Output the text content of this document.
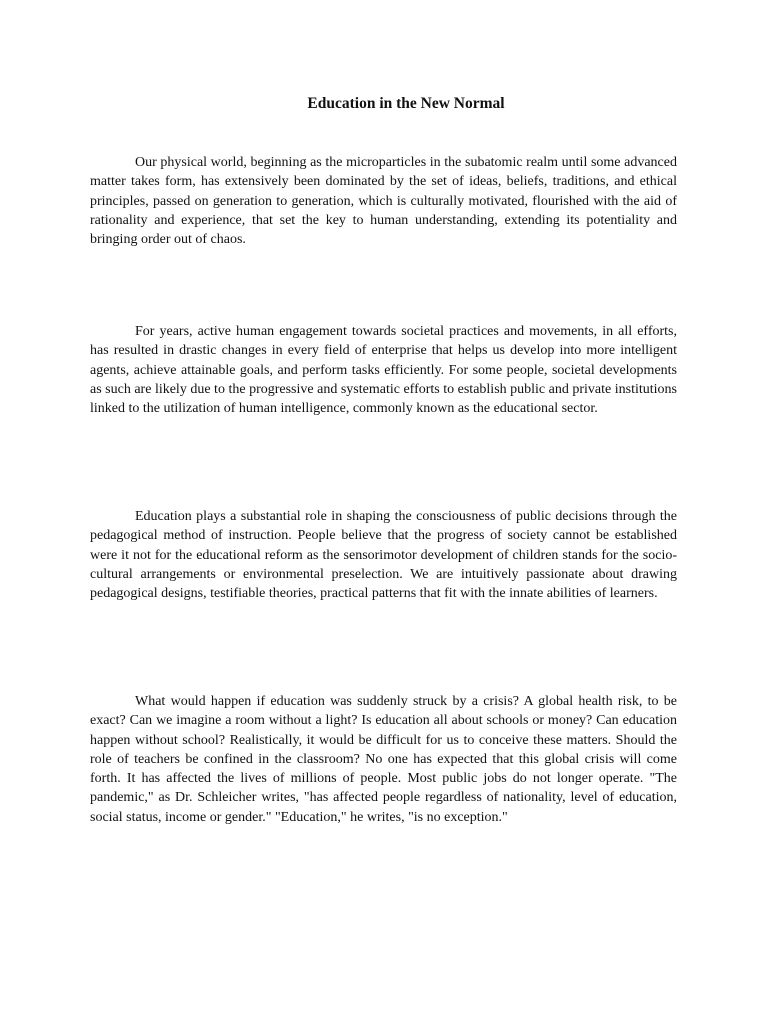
Education in the New Normal

Our physical world, beginning as the microparticles in the subatomic realm until some advanced matter takes form, has extensively been dominated by the set of ideas, beliefs, traditions, and ethical principles, passed on generation to generation, which is culturally motivated, flourished with the aid of rationality and experience, that set the key to human understanding, extending its potentiality and bringing order out of chaos.

For years, active human engagement towards societal practices and movements, in all efforts, has resulted in drastic changes in every field of enterprise that helps us develop into more intelligent agents, achieve attainable goals, and perform tasks efficiently. For some people, societal developments as such are likely due to the progressive and systematic efforts to establish public and private institutions linked to the utilization of human intelligence, commonly known as the educational sector.

Education plays a substantial role in shaping the consciousness of public decisions through the pedagogical method of instruction. People believe that the progress of society cannot be established were it not for the educational reform as the sensorimotor development of children stands for the socio-cultural arrangements or environmental preselection. We are intuitively passionate about drawing pedagogical designs, testifiable theories, practical patterns that fit with the innate abilities of learners.

What would happen if education was suddenly struck by a crisis? A global health risk, to be exact? Can we imagine a room without a light? Is education all about schools or money? Can education happen without school? Realistically, it would be difficult for us to conceive these matters. Should the role of teachers be confined in the classroom? No one has expected that this global crisis will come forth. It has affected the lives of millions of people. Most public jobs do not longer operate. "The pandemic," as Dr. Schleicher writes, "has affected people regardless of nationality, level of education, social status, income or gender." "Education," he writes, "is no exception."
